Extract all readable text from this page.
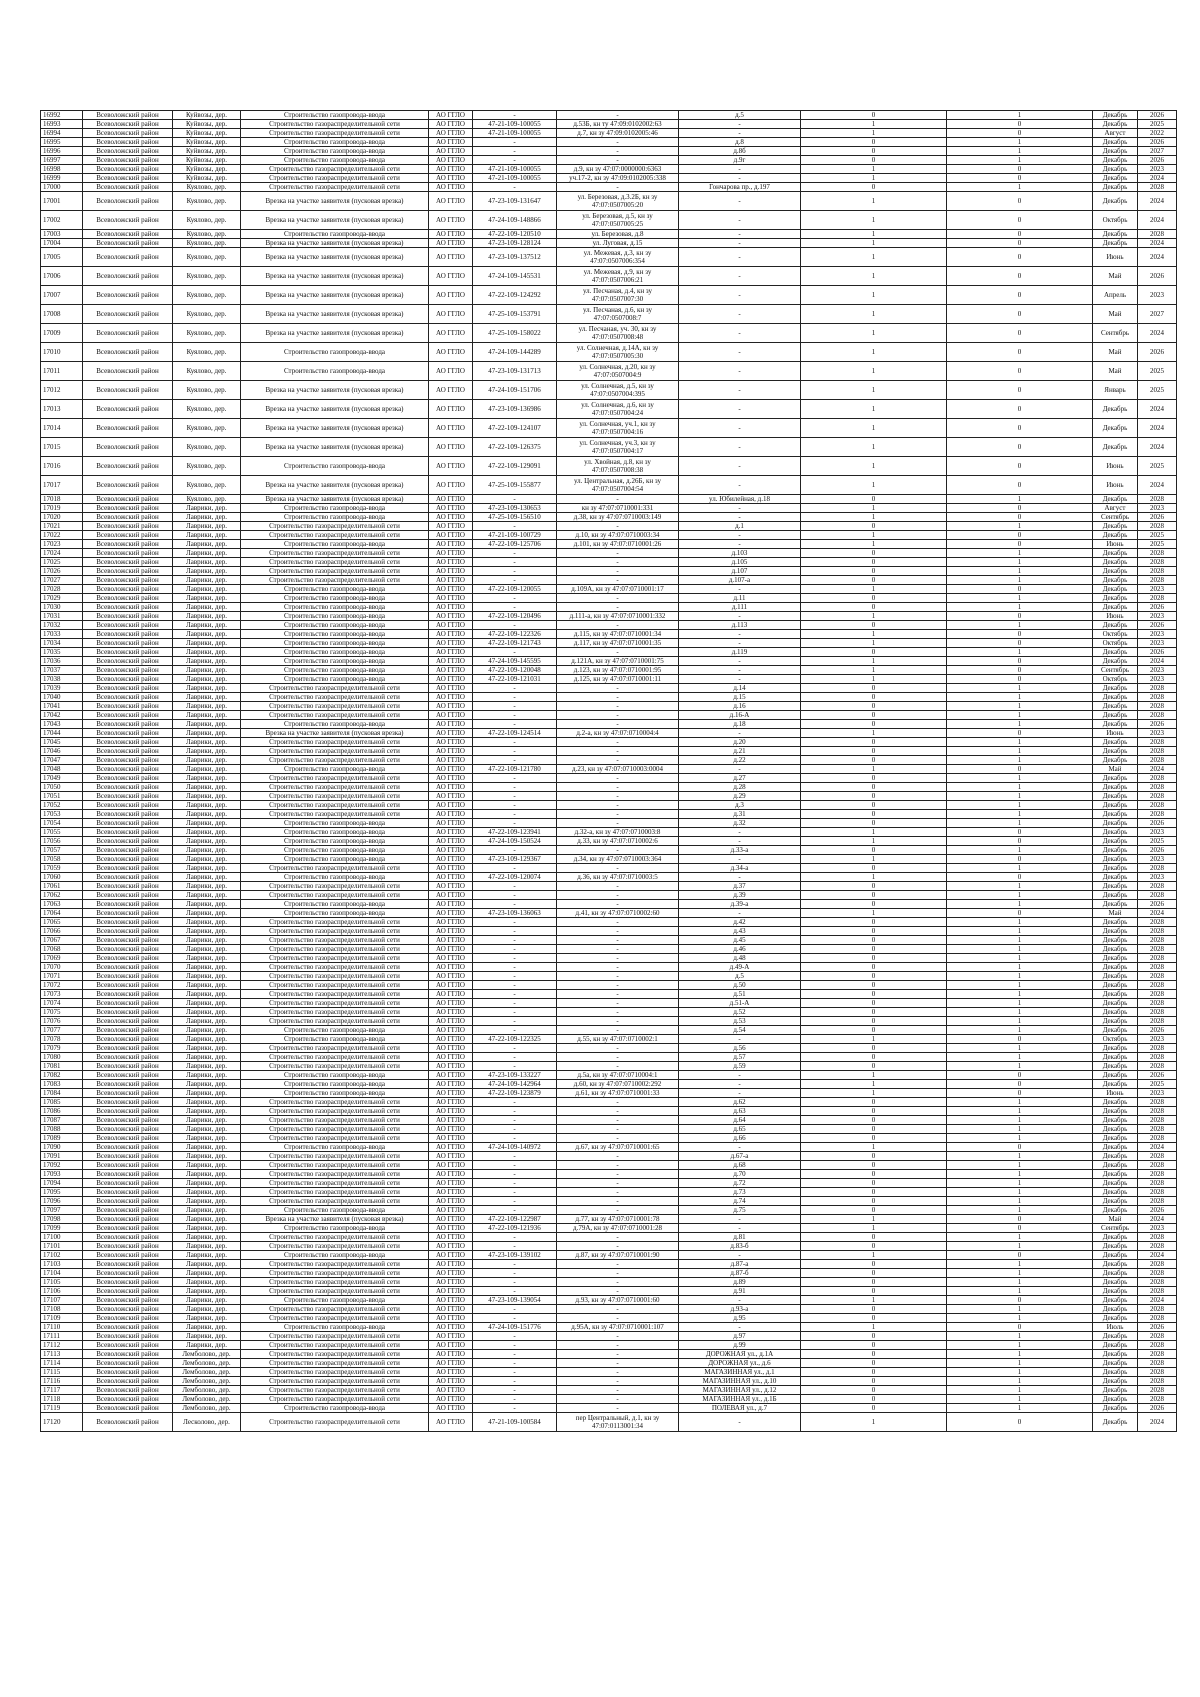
16992	Всеволожский район	Куйвозы, дер.	Строительство газопровода-ввода	АО ГГЛО	-	-	д.5	0	1	Декабрь	2026
16993	Всеволожский район	Куйвозы, дер.	Строительство газораспределительной сети	АО ГГЛО	47-21-109-100055	д.53Б, кн ту 47:09:0102002:63	-	1	0	Декабрь	2025
16994	Всеволожский район	Куйвозы, дер.	Строительство газораспределительной сети	АО ГГЛО	47-21-109-100055	д.7, кн зу 47:09:0102005:46	-	1	0	Август	2022
16995	Всеволожский район	Куйвозы, дер.	Строительство газопровода-ввода	АО ГГЛО	-	-	д.8	0	1	Декабрь	2026
16996	Всеволожский район	Куйвозы, дер.	Строительство газопровода-ввода	АО ГГЛО	-	-	д.8б	0	1	Декабрь	2027
16997	Всеволожский район	Куйвозы, дер.	Строительство газопровода-ввода	АО ГГЛО	-	-	д.9г	0	1	Декабрь	2026
16998	Всеволожский район	Куйвозы, дер.	Строительство газораспределительной сети	АО ГГЛО	47-21-109-100055	д.9, кн зу 47:07:0000000:6363	-	1	0	Декабрь	2023
16999	Всеволожский район	Куйвозы, дер.	Строительство газораспределительной сети	АО ГГЛО	47-21-109-100055	уч.17-2, кн зу 47:09:0102005:338	-	1	0	Декабрь	2024
17000	Всеволожский район	Куялово, дер.	Строительство газораспределительной сети	АО ГГЛО	-	-	Гончарова пр., д.197	0	1	Декабрь	2028
17001	Всеволожский район	Куялово, дер.	Врезка на участке заявителя (пусковая врезка)	АО ГГЛО	47-23-109-131647	ул. Березовая, д.3.2Б, кн зу 47:07:0507005:20	-	1	0	Декабрь	2024
17002	Всеволожский район	Куялово, дер.	Врезка на участке заявителя (пусковая врезка)	АО ГГЛО	47-24-109-148866	ул. Березовая, д.5, кн зу 47:07:0507005:25	-	1	0	Октябрь	2024
17003	Всеволожский район	Куялово, дер.	Строительство газопровода-ввода	АО ГГЛО	47-22-109-120510	ул. Березовая, д.8	-	1	0	Декабрь	2028
17004	Всеволожский район	Куялово, дер.	Врезка на участке заявителя (пусковая врезка)	АО ГГЛО	47-23-109-128124	ул. Луговая, д.15	-	1	0	Декабрь	2024
17005	Всеволожский район	Куялово, дер.	Врезка на участке заявителя (пусковая врезка)	АО ГГЛО	47-23-109-137512	ул. Межевая, д.3, кн зу 47:07:0507006:354	-	1	0	Июнь	2024
17006	Всеволожский район	Куялово, дер.	Врезка на участке заявителя (пусковая врезка)	АО ГГЛО	47-24-109-145531	ул. Межевая, д.9, кн зу 47:07:0507006:21	-	1	0	Май	2026
17007	Всеволожский район	Куялово, дер.	Врезка на участке заявителя (пусковая врезка)	АО ГГЛО	47-22-109-124292	ул. Песчаная, д.4, кн зу 47:07:0507007:30	-	1	0	Апрель	2023
17008	Всеволожский район	Куялово, дер.	Врезка на участке заявителя (пусковая врезка)	АО ГГЛО	47-25-109-153791	ул. Песчаная, д.6, кн зу 47:07:0507008:7	-	1	0	Май	2027
17009	Всеволожский район	Куялово, дер.	Врезка на участке заявителя (пусковая врезка)	АО ГГЛО	47-25-109-158022	ул. Песчаная, уч. 30, кн зу 47:07:0507008:48	-	1	0	Сентябрь	2024
17010	Всеволожский район	Куялово, дер.	Строительство газопровода-ввода	АО ГГЛО	47-24-109-144289	ул. Солнечная, д.14А, кн зу 47:07:0507005:30	-	1	0	Май	2026
17011	Всеволожский район	Куялово, дер.	Строительство газопровода-ввода	АО ГГЛО	47-23-109-131713	ул. Солнечная, д.20, кн зу 47:07:0507004:9	-	1	0	Май	2025
17012	Всеволожский район	Куялово, дер.	Врезка на участке заявителя (пусковая врезка)	АО ГГЛО	47-24-109-151706	ул. Солнечная, д.5, кн зу 47:07:0507004:395	-	1	0	Январь	2025
17013	Всеволожский район	Куялово, дер.	Врезка на участке заявителя (пусковая врезка)	АО ГГЛО	47-23-109-136986	ул. Солнечная, д.6, кн зу 47:07:0507004:24	-	1	0	Декабрь	2024
17014	Всеволожский район	Куялово, дер.	Врезка на участке заявителя (пусковая врезка)	АО ГГЛО	47-22-109-124107	ул. Солнечная, уч.1, кн зу 47:07:0507004:16	-	1	0	Декабрь	2024
17015	Всеволожский район	Куялово, дер.	Врезка на участке заявителя (пусковая врезка)	АО ГГЛО	47-22-109-126375	ул. Солнечная, уч.3, кн зу 47:07:0507004:17	-	1	0	Декабрь	2024
17016	Всеволожский район	Куялово, дер.	Строительство газопровода-ввода	АО ГГЛО	47-22-109-129091	ул. Хвойная, д.8, кн зу 47:07:0507008:38	-	1	0	Июнь	2025
17017	Всеволожский район	Куялово, дер.	Врезка на участке заявителя (пусковая врезка)	АО ГГЛО	47-25-109-155877	ул. Центральная, д.26Б, кн зу 47:07:0507004:54	-	1	0	Июнь	2024
17018	Всеволожский район	Куялово, дер.	Врезка на участке заявителя (пусковая врезка)	АО ГГЛО	-	-	ул. Юбилейная, д.18	0	1	Декабрь	2028
17019	Всеволожский район	Лаврики, дер.	Строительство газопровода-ввода	АО ГГЛО	47-23-109-130653	кн зу 47:07:0710001:331	-	1	0	Август	2023
17020	Всеволожский район	Лаврики, дер.	Строительство газопровода-ввода	АО ГГЛО	47-25-109-156510	д.38, кн зу 47:07:0710003:149	-	1	0	Сентябрь	2026
17021	Всеволожский район	Лаврики, дер.	Строительство газораспределительной сети	АО ГГЛО	-	-	д.1	0	1	Декабрь	2028
17022	Всеволожский район	Лаврики, дер.	Строительство газораспределительной сети	АО ГГЛО	47-21-109-100729	д.10, кн зу 47:07:0710003:34	-	1	0	Декабрь	2025
17023	Всеволожский район	Лаврики, дер.	Строительство газопровода-ввода	АО ГГЛО	47-22-109-125706	д.101, кн зу 47:07:0710001:26	-	1	0	Июнь	2025
17024	Всеволожский район	Лаврики, дер.	Строительство газораспределительной сети	АО ГГЛО	-	-	д.103	0	1	Декабрь	2028
17025	Всеволожский район	Лаврики, дер.	Строительство газораспределительной сети	АО ГГЛО	-	-	д.105	0	1	Декабрь	2028
17026	Всеволожский район	Лаврики, дер.	Строительство газораспределительной сети	АО ГГЛО	-	-	д.107	0	1	Декабрь	2028
17027	Всеволожский район	Лаврики, дер.	Строительство газораспределительной сети	АО ГГЛО	-	-	д.107-а	0	1	Декабрь	2028
17028	Всеволожский район	Лаврики, дер.	Строительство газопровода-ввода	АО ГГЛО	47-22-109-120055	д.109А, кн зу 47:07:0710001:17	-	1	0	Декабрь	2023
17029	Всеволожский район	Лаврики, дер.	Строительство газопровода-ввода	АО ГГЛО	-	-	д.11	0	1	Декабрь	2028
17030	Всеволожский район	Лаврики, дер.	Строительство газопровода-ввода	АО ГГЛО	-	-	д.111	0	1	Декабрь	2026
17031	Всеволожский район	Лаврики, дер.	Строительство газопровода-ввода	АО ГГЛО	47-22-109-120496	д.111-а, кн зу 47:07:0710001:332	-	1	0	Июнь	2023
17032	Всеволожский район	Лаврики, дер.	Строительство газопровода-ввода	АО ГГЛО	-	-	д.113	0	1	Декабрь	2026
17033	Всеволожский район	Лаврики, дер.	Строительство газопровода-ввода	АО ГГЛО	47-22-109-122326	д.115, кн зу 47:07:0710001:34	-	1	0	Октябрь	2023
17034	Всеволожский район	Лаврики, дер.	Строительство газопровода-ввода	АО ГГЛО	47-22-109-121743	д.117, кн зу 47:07:0710001:35	-	1	0	Октябрь	2023
17035	Всеволожский район	Лаврики, дер.	Строительство газопровода-ввода	АО ГГЛО	-	-	д.119	0	1	Декабрь	2026
17036	Всеволожский район	Лаврики, дер.	Строительство газопровода-ввода	АО ГГЛО	47-24-109-145595	д.121А, кн зу 47:07:0710001:75	-	1	0	Декабрь	2024
17037	Всеволожский район	Лаврики, дер.	Строительство газопровода-ввода	АО ГГЛО	47-22-109-120048	д.123, кн зу 47:07:0710001:95	-	1	0	Сентябрь	2023
17038	Всеволожский район	Лаврики, дер.	Строительство газопровода-ввода	АО ГГЛО	47-22-109-121031	д.125, кн зу 47:07:0710001:11	-	1	0	Октябрь	2023
17039	Всеволожский район	Лаврики, дер.	Строительство газораспределительной сети	АО ГГЛО	-	-	д.14	0	1	Декабрь	2028
17040	Всеволожский район	Лаврики, дер.	Строительство газораспределительной сети	АО ГГЛО	-	-	д.15	0	1	Декабрь	2028
17041	Всеволожский район	Лаврики, дер.	Строительство газораспределительной сети	АО ГГЛО	-	-	д.16	0	1	Декабрь	2028
17042	Всеволожский район	Лаврики, дер.	Строительство газораспределительной сети	АО ГГЛО	-	-	д.16-А	0	1	Декабрь	2028
17043	Всеволожский район	Лаврики, дер.	Строительство газопровода-ввода	АО ГГЛО	-	-	д.18	0	1	Декабрь	2026
17044	Всеволожский район	Лаврики, дер.	Врезка на участке заявителя (пусковая врезка)	АО ГГЛО	47-22-109-124514	д.2-а, кн зу 47:07:0710004:4	-	1	0	Июнь	2023
17045	Всеволожский район	Лаврики, дер.	Строительство газораспределительной сети	АО ГГЛО	-	-	д.20	0	1	Декабрь	2028
17046	Всеволожский район	Лаврики, дер.	Строительство газораспределительной сети	АО ГГЛО	-	-	д.21	0	1	Декабрь	2028
17047	Всеволожский район	Лаврики, дер.	Строительство газораспределительной сети	АО ГГЛО	-	-	д.22	0	1	Декабрь	2028
17048	Всеволожский район	Лаврики, дер.	Строительство газопровода-ввода	АО ГГЛО	47-22-109-121780	д.23, кн зу 47:07:0710003:0004	-	1	0	Май	2024
17049	Всеволожский район	Лаврики, дер.	Строительство газораспределительной сети	АО ГГЛО	-	-	д.27	0	1	Декабрь	2028
17050	Всеволожский район	Лаврики, дер.	Строительство газораспределительной сети	АО ГГЛО	-	-	д.28	0	1	Декабрь	2028
17051	Всеволожский район	Лаврики, дер.	Строительство газораспределительной сети	АО ГГЛО	-	-	д.29	0	1	Декабрь	2028
17052	Всеволожский район	Лаврики, дер.	Строительство газораспределительной сети	АО ГГЛО	-	-	д.3	0	1	Декабрь	2028
17053	Всеволожский район	Лаврики, дер.	Строительство газораспределительной сети	АО ГГЛО	-	-	д.31	0	1	Декабрь	2028
17054	Всеволожский район	Лаврики, дер.	Строительство газопровода-ввода	АО ГГЛО	-	-	д.32	0	1	Декабрь	2026
17055	Всеволожский район	Лаврики, дер.	Строительство газопровода-ввода	АО ГГЛО	47-22-109-123941	д.32-а, кн зу 47:07:0710003:8	-	1	0	Декабрь	2023
17056	Всеволожский район	Лаврики, дер.	Строительство газопровода-ввода	АО ГГЛО	47-24-109-150524	д.33, кн зу 47:07:0710002:6	-	1	0	Декабрь	2025
17057	Всеволожский район	Лаврики, дер.	Строительство газопровода-ввода	АО ГГЛО	-	-	д.33-а	0	1	Декабрь	2026
17058	Всеволожский район	Лаврики, дер.	Строительство газопровода-ввода	АО ГГЛО	47-23-109-129367	д.34, кн зу 47:07:0710003:364	-	1	0	Декабрь	2023
17059	Всеволожский район	Лаврики, дер.	Строительство газораспределительной сети	АО ГГЛО	-	-	д.34-а	0	1	Декабрь	2028
17060	Всеволожский район	Лаврики, дер.	Строительство газопровода-ввода	АО ГГЛО	47-22-109-120074	д.36, кн зу 47:07:0710003:5	-	1	0	Декабрь	2023
17061	Всеволожский район	Лаврики, дер.	Строительство газораспределительной сети	АО ГГЛО	-	-	д.37	0	1	Декабрь	2028
17062	Всеволожский район	Лаврики, дер.	Строительство газораспределительной сети	АО ГГЛО	-	-	д.39	0	1	Декабрь	2028
17063	Всеволожский район	Лаврики, дер.	Строительство газопровода-ввода	АО ГГЛО	-	-	д.39-а	0	1	Декабрь	2026
17064	Всеволожский район	Лаврики, дер.	Строительство газопровода-ввода	АО ГГЛО	47-23-109-136063	д.41, кн зу 47:07:0710002:60	-	1	0	Май	2024
17065	Всеволожский район	Лаврики, дер.	Строительство газораспределительной сети	АО ГГЛО	-	-	д.42	0	1	Декабрь	2028
17066	Всеволожский район	Лаврики, дер.	Строительство газораспределительной сети	АО ГГЛО	-	-	д.43	0	1	Декабрь	2028
17067	Всеволожский район	Лаврики, дер.	Строительство газораспределительной сети	АО ГГЛО	-	-	д.45	0	1	Декабрь	2028
17068	Всеволожский район	Лаврики, дер.	Строительство газораспределительной сети	АО ГГЛО	-	-	д.46	0	1	Декабрь	2028
17069	Всеволожский район	Лаврики, дер.	Строительство газораспределительной сети	АО ГГЛО	-	-	д.48	0	1	Декабрь	2028
17070	Всеволожский район	Лаврики, дер.	Строительство газораспределительной сети	АО ГГЛО	-	-	д.49-А	0	1	Декабрь	2028
17071	Всеволожский район	Лаврики, дер.	Строительство газораспределительной сети	АО ГГЛО	-	-	д.5	0	1	Декабрь	2028
17072	Всеволожский район	Лаврики, дер.	Строительство газораспределительной сети	АО ГГЛО	-	-	д.50	0	1	Декабрь	2028
17073	Всеволожский район	Лаврики, дер.	Строительство газораспределительной сети	АО ГГЛО	-	-	д.51	0	1	Декабрь	2028
17074	Всеволожский район	Лаврики, дер.	Строительство газораспределительной сети	АО ГГЛО	-	-	д.51-А	0	1	Декабрь	2028
17075	Всеволожский район	Лаврики, дер.	Строительство газораспределительной сети	АО ГГЛО	-	-	д.52	0	1	Декабрь	2028
17076	Всеволожский район	Лаврики, дер.	Строительство газораспределительной сети	АО ГГЛО	-	-	д.53	0	1	Декабрь	2028
17077	Всеволожский район	Лаврики, дер.	Строительство газопровода-ввода	АО ГГЛО	-	-	д.54	0	1	Декабрь	2026
17078	Всеволожский район	Лаврики, дер.	Строительство газопровода-ввода	АО ГГЛО	47-22-109-122325	д.55, кн зу 47:07:0710002:1	-	1	0	Октябрь	2023
17079	Всеволожский район	Лаврики, дер.	Строительство газораспределительной сети	АО ГГЛО	-	-	д.56	0	1	Декабрь	2028
17080	Всеволожский район	Лаврики, дер.	Строительство газораспределительной сети	АО ГГЛО	-	-	д.57	0	1	Декабрь	2028
17081	Всеволожский район	Лаврики, дер.	Строительство газораспределительной сети	АО ГГЛО	-	-	д.59	0	1	Декабрь	2028
17082	Всеволожский район	Лаврики, дер.	Строительство газопровода-ввода	АО ГГЛО	47-23-109-133227	д.5а, кн зу 47:07:0710004:1	-	1	0	Декабрь	2026
17083	Всеволожский район	Лаврики, дер.	Строительство газопровода-ввода	АО ГГЛО	47-24-109-142964	д.60, кн зу 47:07:0710002:292	-	1	0	Декабрь	2025
17084	Всеволожский район	Лаврики, дер.	Строительство газопровода-ввода	АО ГГЛО	47-22-109-123879	д.61, кн зу 47:07:0710001:33	-	1	0	Июнь	2023
17085	Всеволожский район	Лаврики, дер.	Строительство газораспределительной сети	АО ГГЛО	-	-	д.62	0	1	Декабрь	2028
17086	Всеволожский район	Лаврики, дер.	Строительство газораспределительной сети	АО ГГЛО	-	-	д.63	0	1	Декабрь	2028
17087	Всеволожский район	Лаврики, дер.	Строительство газораспределительной сети	АО ГГЛО	-	-	д.64	0	1	Декабрь	2028
17088	Всеволожский район	Лаврики, дер.	Строительство газораспределительной сети	АО ГГЛО	-	-	д.65	0	1	Декабрь	2028
17089	Всеволожский район	Лаврики, дер.	Строительство газораспределительной сети	АО ГГЛО	-	-	д.66	0	1	Декабрь	2028
17090	Всеволожский район	Лаврики, дер.	Строительство газопровода-ввода	АО ГГЛО	47-24-109-140972	д.67, кн зу 47:07:0710001:65	-	1	0	Декабрь	2024
17091	Всеволожский район	Лаврики, дер.	Строительство газораспределительной сети	АО ГГЛО	-	-	д.67-а	0	1	Декабрь	2028
17092	Всеволожский район	Лаврики, дер.	Строительство газораспределительной сети	АО ГГЛО	-	-	д.68	0	1	Декабрь	2028
17093	Всеволожский район	Лаврики, дер.	Строительство газораспределительной сети	АО ГГЛО	-	-	д.70	0	1	Декабрь	2028
17094	Всеволожский район	Лаврики, дер.	Строительство газораспределительной сети	АО ГГЛО	-	-	д.72	0	1	Декабрь	2028
17095	Всеволожский район	Лаврики, дер.	Строительство газораспределительной сети	АО ГГЛО	-	-	д.73	0	1	Декабрь	2028
17096	Всеволожский район	Лаврики, дер.	Строительство газораспределительной сети	АО ГГЛО	-	-	д.74	0	1	Декабрь	2028
17097	Всеволожский район	Лаврики, дер.	Строительство газопровода-ввода	АО ГГЛО	-	-	д.75	0	1	Декабрь	2026
17098	Всеволожский район	Лаврики, дер.	Врезка на участке заявителя (пусковая врезка)	АО ГГЛО	47-22-109-122987	д.77, кн зу 47:07:0710001:78	-	1	0	Май	2024
17099	Всеволожский район	Лаврики, дер.	Строительство газопровода-ввода	АО ГГЛО	47-22-109-121936	д.79А, кн зу 47:07:0710001:28	-	1	0	Сентябрь	2023
17100	Всеволожский район	Лаврики, дер.	Строительство газораспределительной сети	АО ГГЛО	-	-	д.81	0	1	Декабрь	2028
17101	Всеволожский район	Лаврики, дер.	Строительство газораспределительной сети	АО ГГЛО	-	-	д.83-б	0	1	Декабрь	2028
17102	Всеволожский район	Лаврики, дер.	Строительство газопровода-ввода	АО ГГЛО	47-23-109-139102	д.87, кн зу 47:07:0710001:90	-	1	0	Декабрь	2024
17103	Всеволожский район	Лаврики, дер.	Строительство газораспределительной сети	АО ГГЛО	-	-	д.87-а	0	1	Декабрь	2028
17104	Всеволожский район	Лаврики, дер.	Строительство газораспределительной сети	АО ГГЛО	-	-	д.87-б	0	1	Декабрь	2028
17105	Всеволожский район	Лаврики, дер.	Строительство газораспределительной сети	АО ГГЛО	-	-	д.89	0	1	Декабрь	2028
17106	Всеволожский район	Лаврики, дер.	Строительство газораспределительной сети	АО ГГЛО	-	-	д.91	0	1	Декабрь	2028
17107	Всеволожский район	Лаврики, дер.	Строительство газопровода-ввода	АО ГГЛО	47-23-109-139054	д.93, кн зу 47:07:0710001:60	-	1	0	Декабрь	2024
17108	Всеволожский район	Лаврики, дер.	Строительство газораспределительной сети	АО ГГЛО	-	-	д.93-а	0	1	Декабрь	2028
17109	Всеволожский район	Лаврики, дер.	Строительство газораспределительной сети	АО ГГЛО	-	-	д.95	0	1	Декабрь	2028
17110	Всеволожский район	Лаврики, дер.	Строительство газопровода-ввода	АО ГГЛО	47-24-109-151776	д.95А, кн зу 47:07:0710001:107	-	1	0	Июль	2026
17111	Всеволожский район	Лаврики, дер.	Строительство газораспределительной сети	АО ГГЛО	-	-	д.97	0	1	Декабрь	2028
17112	Всеволожский район	Лаврики, дер.	Строительство газораспределительной сети	АО ГГЛО	-	-	д.99	0	1	Декабрь	2028
17113	Всеволожский район	Лемболово, дер.	Строительство газораспределительной сети	АО ГГЛО	-	-	ДОРОЖНАЯ ул., д.1А	0	1	Декабрь	2028
17114	Всеволожский район	Лемболово, дер.	Строительство газораспределительной сети	АО ГГЛО	-	-	ДОРОЖНАЯ ул., д.6	0	1	Декабрь	2028
17115	Всеволожский район	Лемболово, дер.	Строительство газораспределительной сети	АО ГГЛО	-	-	МАГАЗИННАЯ ул., д.1	0	1	Декабрь	2028
17116	Всеволожский район	Лемболово, дер.	Строительство газораспределительной сети	АО ГГЛО	-	-	МАГАЗИННАЯ ул., д.10	0	1	Декабрь	2028
17117	Всеволожский район	Лемболово, дер.	Строительство газораспределительной сети	АО ГГЛО	-	-	МАГАЗИННАЯ ул., д.12	0	1	Декабрь	2028
17118	Всеволожский район	Лемболово, дер.	Строительство газораспределительной сети	АО ГГЛО	-	-	МАГАЗИННАЯ ул., д.1Б	0	1	Декабрь	2028
17119	Всеволожский район	Лемболово, дер.	Строительство газопровода-ввода	АО ГГЛО	-	-	ПОЛЕВАЯ ул., д.7	0	1	Декабрь	2026
17120	Всеволожский район	Лесколово, дер.	Строительство газораспределительной сети	АО ГГЛО	47-21-109-100584	пер Центральный, д.1, кн зу 47:07:0113001:34	-	1	0	Декабрь	2024
